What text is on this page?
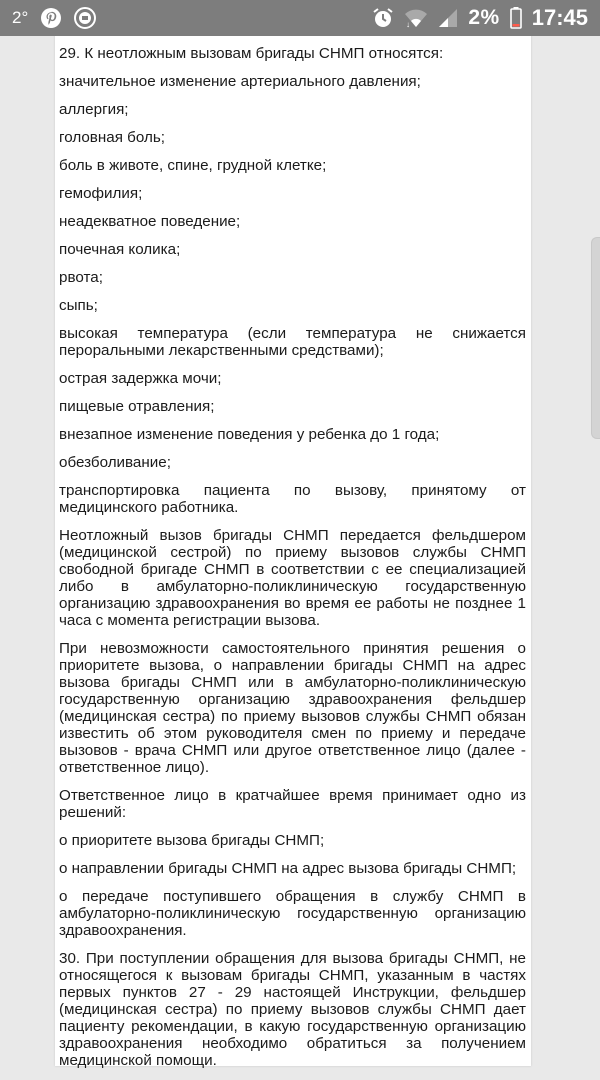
2°	↓	2% 17:45

29. К неотложным вызовам бригады СНМП относятся:

значительное изменение артериального давления;

аллергия;

головная боль;

боль в животе, спине, грудной клетке;

гемофилия;

неадекватное поведение;

почечная колика;

рвота;

сыпь;

высокая температура (если температура не снижается пероральными лекарственными средствами);

острая задержка мочи;

пищевые отравления;

внезапное изменение поведения у ребенка до 1 года;

обезболивание;

транспортировка пациента по вызову, принятому от медицинского работника.

Неотложный вызов бригады СНМП передается фельдшером (медицинской сестрой) по приему вызовов службы СНМП свободной бригаде СНМП в соответствии с ее специализацией либо в амбулаторно-поликлиническую государственную организацию здравоохранения во время ее работы не позднее 1 часа с момента регистрации вызова.

При невозможности самостоятельного принятия решения о приоритете вызова, о направлении бригады СНМП на адрес вызова бригады СНМП или в амбулаторно-поликлиническую государственную организацию здравоохранения фельдшер (медицинская сестра) по приему вызовов службы СНМП обязан известить об этом руководителя смен по приему и передаче вызовов - врача СНМП или другое ответственное лицо (далее - ответственное лицо).

Ответственное лицо в кратчайшее время принимает одно из решений:

о приоритете вызова бригады СНМП;

о направлении бригады СНМП на адрес вызова бригады СНМП;

о передаче поступившего обращения в службу СНМП в амбулаторно-поликлиническую государственную организацию здравоохранения.

30. При поступлении обращения для вызова бригады СНМП, не относящегося к вызовам бригады СНМП, указанным в частях первых пунктов 27 - 29 настоящей Инструкции, фельдшер (медицинская сестра) по приему вызовов службы СНМП дает пациенту рекомендации, в какую государственную организацию здравоохранения необходимо обратиться за получением медицинской помощи.
